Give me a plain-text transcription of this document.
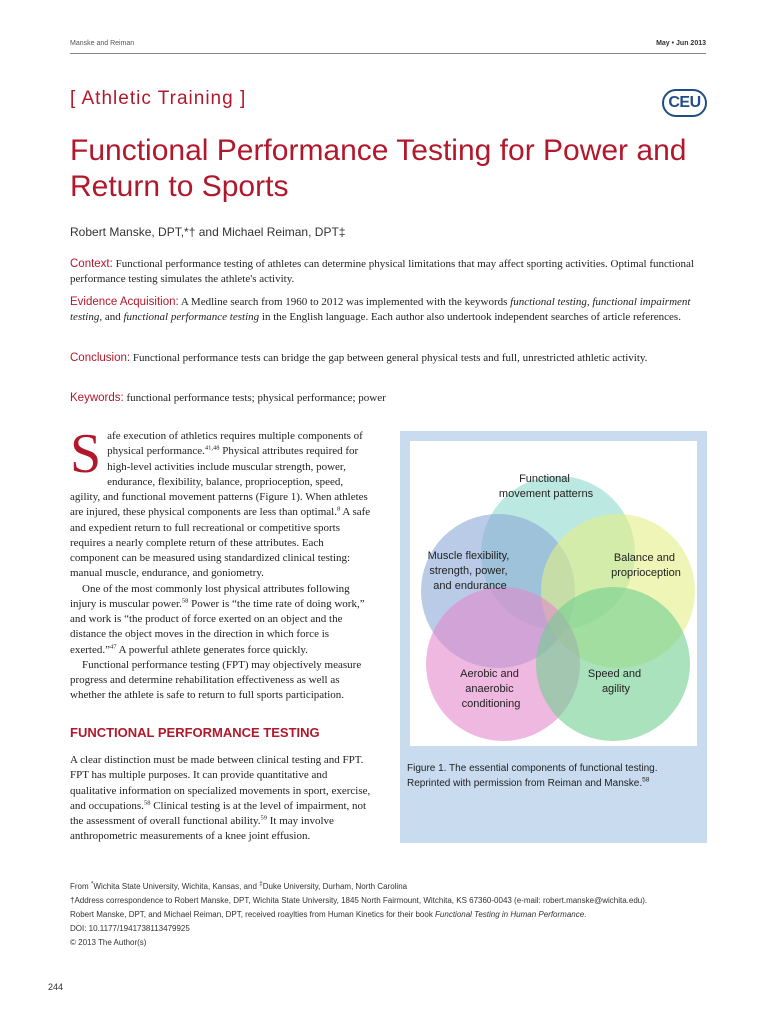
Manske and Reiman	May • Jun 2013
[ Athletic Training ]	CEU
Functional Performance Testing for Power and Return to Sports
Robert Manske, DPT,*† and Michael Reiman, DPT‡
Context: Functional performance testing of athletes can determine physical limitations that may affect sporting activities. Optimal functional performance testing simulates the athlete's activity.
Evidence Acquisition: A Medline search from 1960 to 2012 was implemented with the keywords functional testing, functional impairment testing, and functional performance testing in the English language. Each author also undertook independent searches of article references.
Conclusion: Functional performance tests can bridge the gap between general physical tests and full, unrestricted athletic activity.
Keywords: functional performance tests; physical performance; power

Safe execution of athletics requires multiple components of physical performance.$^{41,48}$ Physical attributes required for high-level activities include muscular strength, power, endurance, flexibility, balance, proprioception, speed, agility, and functional movement patterns (Figure 1). When athletes are injured, these physical components are less than optimal.$^8$ A safe and expedient return to full recreational or competitive sports requires a nearly complete return of these attributes. Each component can be measured using standardized clinical testing: manual muscle, endurance, and goniometry.

One of the most commonly lost physical attributes following injury is muscular power.$^{58}$ Power is “the time rate of doing work,” and work is “the product of force exerted on an object and the distance the object moves in the direction in which force is exerted.”$^{47}$ A powerful athlete generates force quickly.

Functional performance testing (FPT) may objectively measure progress and determine rehabilitation effectiveness as well as whether the athlete is safe to return to full sports participation.

FUNCTIONAL PERFORMANCE TESTING

A clear distinction must be made between clinical testing and FPT. FPT has multiple purposes. It can provide quantitative and qualitative information on specialized movements in sport, exercise, and occupations.$^{58}$ Clinical testing is at the level of impairment, not the assessment of overall functional ability.$^{59}$ It may involve anthropometric measurements of a knee joint effusion.

Functional movement patterns
Muscle flexibility, strength, power, and endurance
Balance and proprioception
Aerobic and anaerobic conditioning
Speed and agility
Figure 1. The essential components of functional testing. Reprinted with permission from Reiman and Manske.$^{58}$
From *Wichita State University, Wichita, Kansas, and ‡Duke University, Durham, North Carolina
†Address correspondence to Robert Manske, DPT, Wichita State University, 1845 North Fairmount, Witchita, KS 67360-0043 (e-mail: robert.manske@wichita.edu).
Robert Manske, DPT, and Michael Reiman, DPT, received roaylties from Human Kinetics for their book Functional Testing in Human Performance.
DOI: 10.1177/1941738113479925
© 2013 The Author(s)
244
